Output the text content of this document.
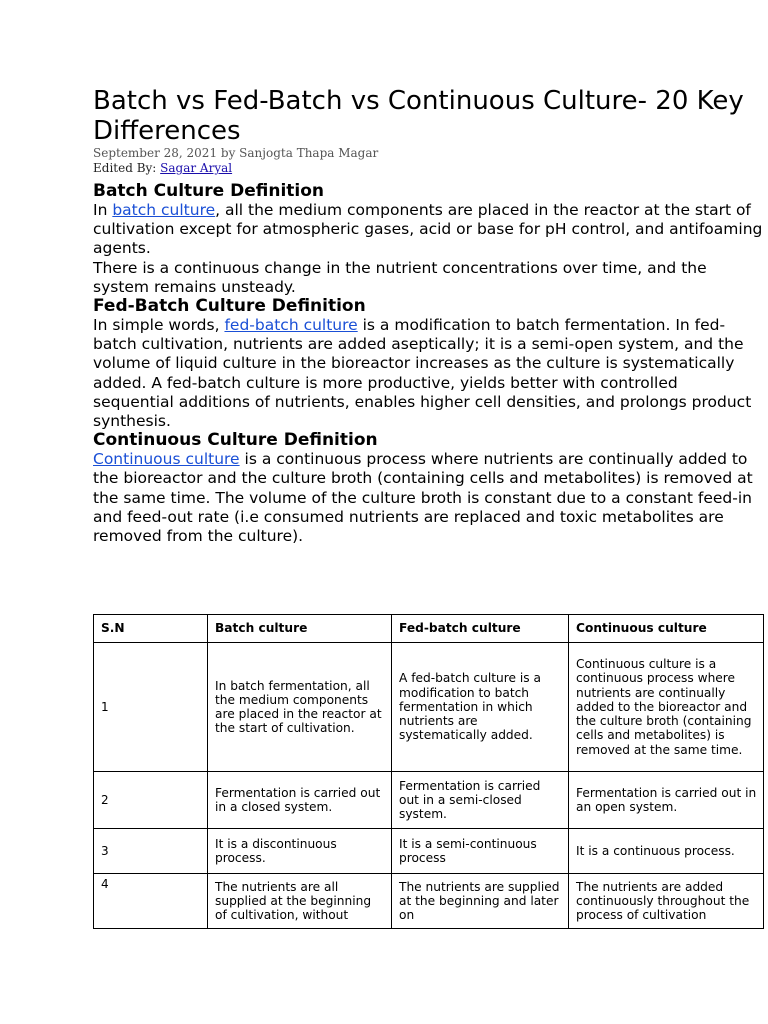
Batch vs Fed-Batch vs Continuous Culture- 20 Key Differences
September 28, 2021 by Sanjogta Thapa Magar
Edited By: Sagar Aryal
Batch Culture Definition

In batch culture, all the medium components are placed in the reactor at the start of cultivation except for atmospheric gases, acid or base for pH control, and antifoaming agents.

There is a continuous change in the nutrient concentrations over time, and the system remains unsteady.

Fed-Batch Culture Definition

In simple words, fed-batch culture is a modification to batch fermentation. In fed-batch cultivation, nutrients are added aseptically; it is a semi-open system, and the volume of liquid culture in the bioreactor increases as the culture is systematically added. A fed-batch culture is more productive, yields better with controlled sequential additions of nutrients, enables higher cell densities, and prolongs product synthesis.

Continuous Culture Definition

Continuous culture is a continuous process where nutrients are continually added to the bioreactor and the culture broth (containing cells and metabolites) is removed at the same time. The volume of the culture broth is constant due to a constant feed-in and feed-out rate (i.e consumed nutrients are replaced and toxic metabolites are removed from the culture).

S.N	Batch culture	Fed-batch culture	Continuous culture
1	In batch fermentation, all the medium components are placed in the reactor at the start of cultivation.	A fed-batch culture is a modification to batch fermentation in which nutrients are systematically added.	Continuous culture is a continuous process where nutrients are continually added to the bioreactor and the culture broth (containing cells and metabolites) is removed at the same time.
2	Fermentation is carried out in a closed system.	Fermentation is carried out in a semi-closed system.	Fermentation is carried out in an open system.
3	It is a discontinuous process.	It is a semi-continuous process	It is a continuous process.
4	The nutrients are all supplied at the beginning of cultivation, without	The nutrients are supplied at the beginning and later on	The nutrients are added continuously throughout the process of cultivation
